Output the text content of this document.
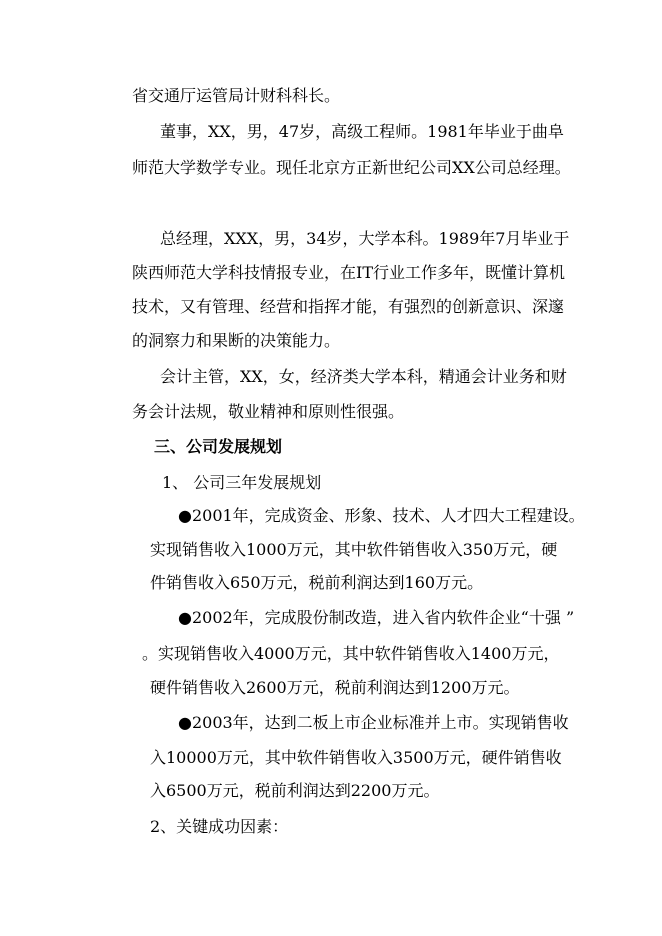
省交通厅运管局计财科科长。
董事，XX，男，47岁，高级工程师。1981年毕业于曲阜
师范大学数学专业。现任北京方正新世纪公司XX公司总经理。
总经理，XXX，男，34岁，大学本科。1989年7月毕业于
陕西师范大学科技情报专业，在IT行业工作多年，既懂计算机
技术，又有管理、经营和指挥才能，有强烈的创新意识、深邃
的洞察力和果断的决策能力。
会计主管，XX，女，经济类大学本科，精通会计业务和财
务会计法规，敬业精神和原则性很强。
三、公司发展规划
1、 公司三年发展规划
●2001年，完成资金、形象、技术、人才四大工程建设。
实现销售收入1000万元，其中软件销售收入350万元，硬
件销售收入650万元，税前利润达到160万元。
●2002年，完成股份制改造，进入省内软件企业“十强 ”
。实现销售收入4000万元，其中软件销售收入1400万元，
硬件销售收入2600万元，税前利润达到1200万元。
●2003年，达到二板上市企业标准并上市。实现销售收
入10000万元，其中软件销售收入3500万元，硬件销售收
入6500万元，税前利润达到2200万元。
2、关键成功因素：
